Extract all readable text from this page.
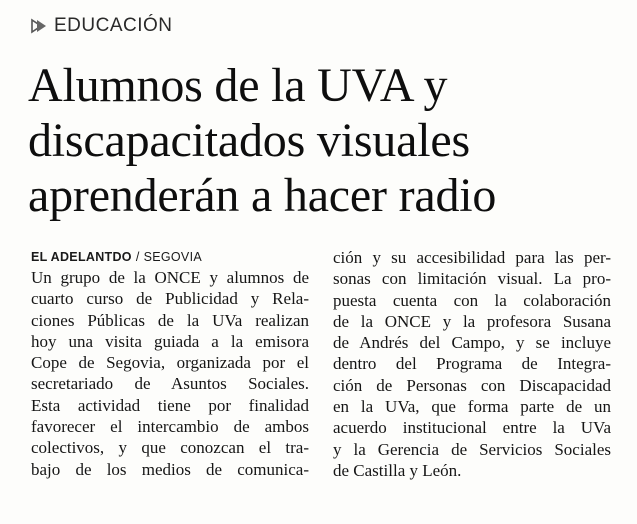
EDUCACIÓN
Alumnos de la UVA y
discapacitados visuales
aprenderán a hacer radio
EL ADELANTDO / SEGOVIA
Un grupo de la ONCE y alumnos de
cuarto curso de Publicidad y Rela-
ciones Públicas de la UVa realizan
hoy una visita guiada a la emisora
Cope de Segovia, organizada por el
secretariado de Asuntos Sociales.
Esta actividad tiene por finalidad
favorecer el intercambio de ambos
colectivos, y que conozcan el tra-
bajo de los medios de comunica-
ción y su accesibilidad para las per-
sonas con limitación visual. La pro-
puesta cuenta con la colaboración
de la ONCE y la profesora Susana
de Andrés del Campo, y se incluye
dentro del Programa de Integra-
ción de Personas con Discapacidad
en la UVa, que forma parte de un
acuerdo institucional entre la UVa
y la Gerencia de Servicios Sociales
de Castilla y León.
